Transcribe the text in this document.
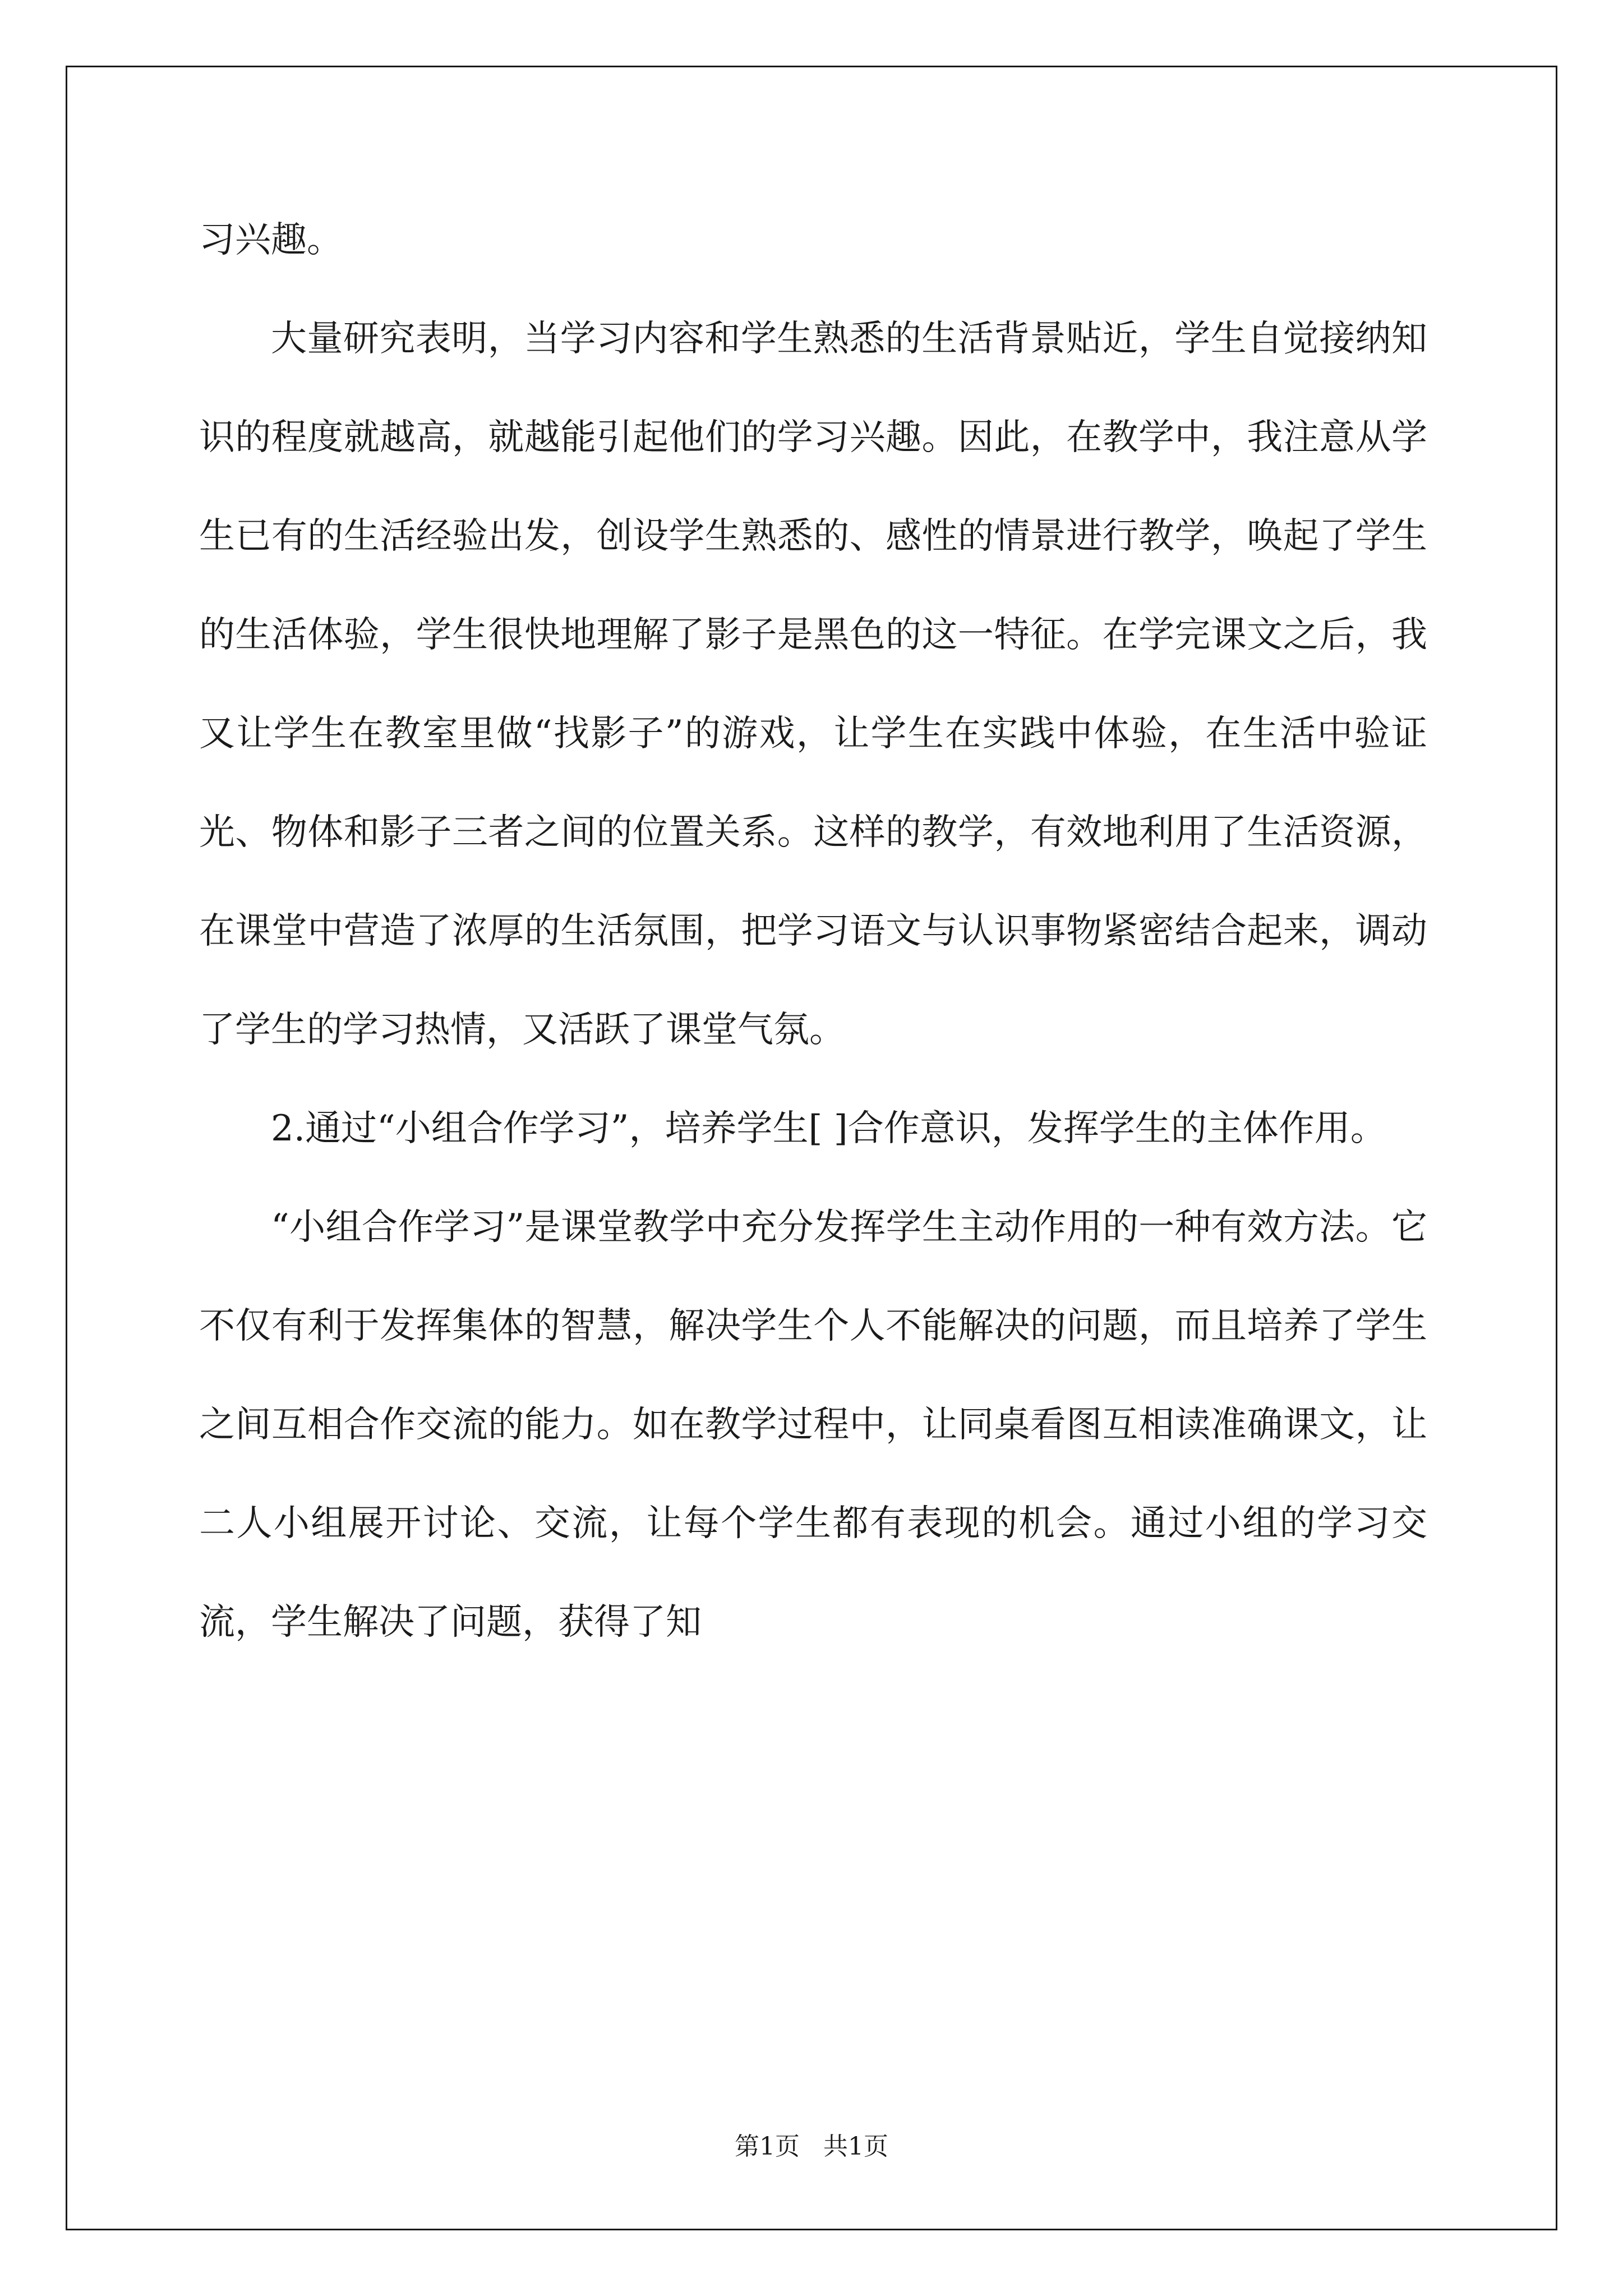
习兴趣。

大量研究表明，当学习内容和学生熟悉的生活背景贴近，学生自觉接纳知识的程度就越高，就越能引起他们的学习兴趣。因此，在教学中，我注意从学生已有的生活经验出发，创设学生熟悉的、感性的情景进行教学，唤起了学生的生活体验，学生很快地理解了影子是黑色的这一特征。在学完课文之后，我又让学生在教室里做“找影子”的游戏，让学生在实践中体验，在生活中验证光、物体和影子三者之间的位置关系。这样的教学，有效地利用了生活资源，在课堂中营造了浓厚的生活氛围，把学习语文与认识事物紧密结合起来，调动了学生的学习热情，又活跃了课堂气氛。

2.通过“小组合作学习”，培养学生[ ]合作意识，发挥学生的主体作用。

“小组合作学习”是课堂教学中充分发挥学生主动作用的一种有效方法。它不仅有利于发挥集体的智慧，解决学生个人不能解决的问题，而且培养了学生之间互相合作交流的能力。如在教学过程中，让同桌看图互相读准确课文，让二人小组展开讨论、交流，让每个学生都有表现的机会。通过小组的学习交流，学生解决了问题，获得了知

第1页   共1页
